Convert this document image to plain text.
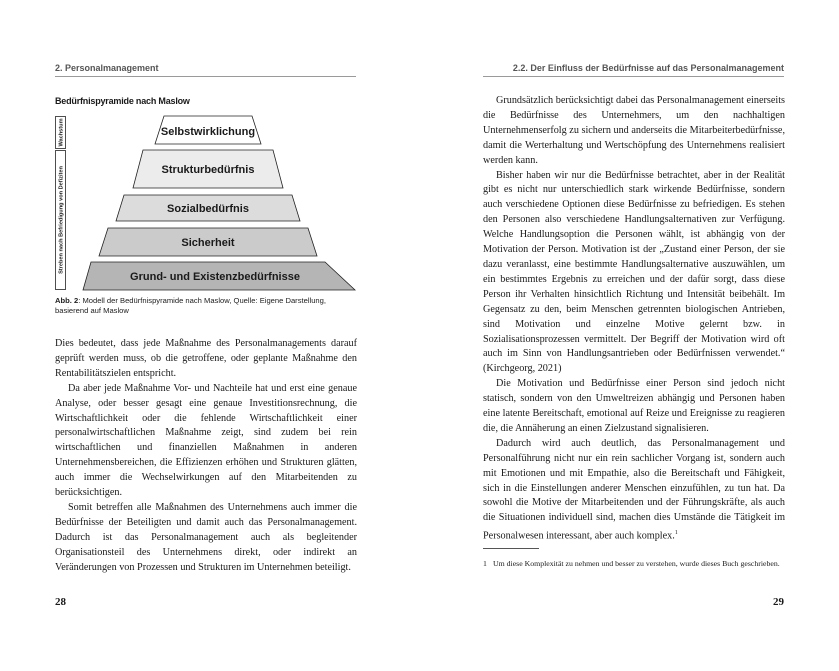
2. Personalmanagement
Bedürfnispyramide nach Maslow
Wachstum
Streben nach Befriedigung von Defiziten
Selbstwirklichung
Strukturbedürfnis
Sozialbedürfnis
Sicherheit
Grund- und Existenzbedürfnisse
Abb. 2: Modell der Bedürfnispyramide nach Maslow, Quelle: Eigene Darstellung, basierend auf Maslow

Dies bedeutet, dass jede Maßnahme des Personalmanagements darauf geprüft werden muss, ob die getroffene, oder geplante Maßnahme den Rentabilitätszielen entspricht.

Da aber jede Maßnahme Vor- und Nachteile hat und erst eine genaue Analyse, oder besser gesagt eine genaue Investitionsrechnung, die Wirtschaftlichkeit oder die fehlende Wirtschaftlichkeit einer personalwirtschaftlichen Maßnahme zeigt, sind zudem bei rein wirtschaftlichen und finanziellen Maßnahmen in anderen Unternehmensbereichen, die Effizienzen erhöhen und Strukturen glätten, auch immer die Wechselwirkungen auf den Mitarbeitenden zu berücksichtigen.

Somit betreffen alle Maßnahmen des Unternehmens auch immer die Bedürfnisse der Beteiligten und damit auch das Personalmanagement. Dadurch ist das Personalmanagement auch als begleitender Organisationsteil des Unternehmens direkt, oder indirekt an Veränderungen von Prozessen und Strukturen im Unternehmen beteiligt.

28
2.2. Der Einfluss der Bedürfnisse auf das Personalmanagement

Grundsätzlich berücksichtigt dabei das Personalmanagement einerseits die Bedürfnisse des Unternehmers, um den nachhaltigen Unternehmenserfolg zu sichern und anderseits die Mitarbeiterbedürfnisse, damit die Werterhaltung und Wertschöpfung des Unternehmens realisiert werden kann.

Bisher haben wir nur die Bedürfnisse betrachtet, aber in der Realität gibt es nicht nur unterschiedlich stark wirkende Bedürfnisse, sondern auch verschiedene Optionen diese Bedürfnisse zu befriedigen. Es stehen den Personen also verschiedene Handlungsalternativen zur Verfügung. Welche Handlungsoption die Personen wählt, ist abhängig von der Motivation der Person. Motivation ist der „Zustand einer Person, der sie dazu veranlasst, eine bestimmte Handlungsalternative auszuwählen, um ein bestimmtes Ergebnis zu erreichen und der dafür sorgt, dass diese Person ihr Verhalten hinsichtlich Richtung und Intensität beibehält. Im Gegensatz zu den, beim Menschen getrennten biologischen Antrieben, sind Motivation und einzelne Motive gelernt bzw. in Sozialisationsprozessen vermittelt. Der Begriff der Motivation wird oft auch im Sinn von Handlungsantrieben oder Bedürfnissen verwendet.“ (Kirchgeorg, 2021)

Die Motivation und Bedürfnisse einer Person sind jedoch nicht statisch, sondern von den Umweltreizen abhängig und Personen haben eine latente Bereitschaft, emotional auf Reize und Ereignisse zu reagieren die, die Annäherung an einen Zielzustand signalisieren.

Dadurch wird auch deutlich, das Personalmanagement und Personalführung nicht nur ein rein sachlicher Vorgang ist, sondern auch mit Emotionen und mit Empathie, also die Bereitschaft und Fähigkeit, sich in die Einstellungen anderer Menschen einzufühlen, zu tun hat. Da sowohl die Motive der Mitarbeitenden und der Führungskräfte, als auch die Situationen individuell sind, machen dies Umstände die Tätigkeit im Personalwesen interessant, aber auch komplex.$^1$

1 Um diese Komplexität zu nehmen und besser zu verstehen, wurde dieses Buch geschrieben.
29
